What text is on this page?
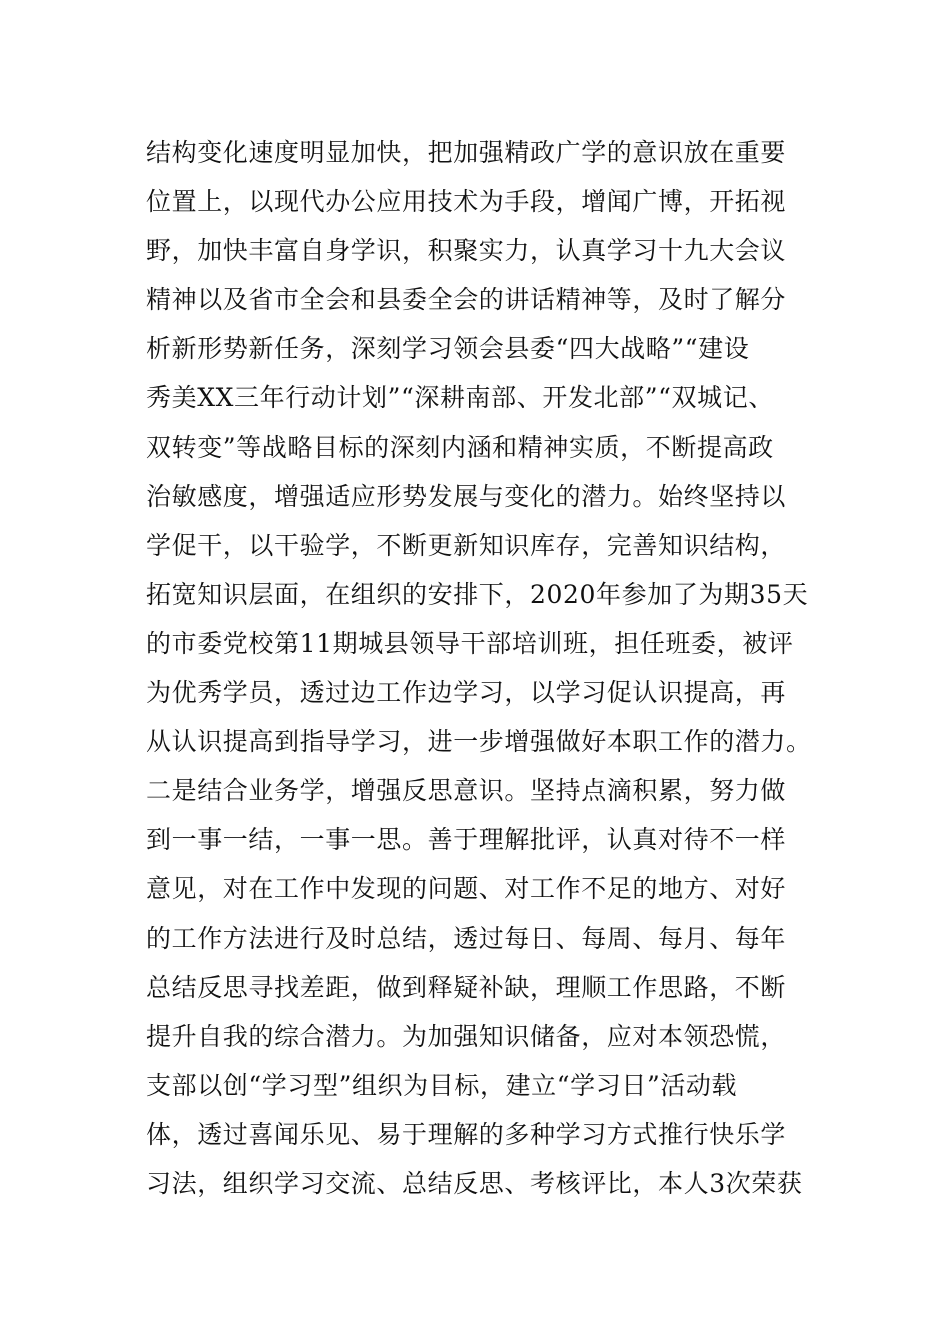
结构变化速度明显加快，把加强精政广学的意识放在重要
位置上，以现代办公应用技术为手段，增闻广博，开拓视
野，加快丰富自身学识，积聚实力，认真学习十九大会议
精神以及省市全会和县委全会的讲话精神等，及时了解分
析新形势新任务，深刻学习领会县委“四大战略”“建设
秀美XX三年行动计划”“深耕南部、开发北部”“双城记、
双转变”等战略目标的深刻内涵和精神实质，不断提高政
治敏感度，增强适应形势发展与变化的潜力。始终坚持以
学促干，以干验学，不断更新知识库存，完善知识结构，
拓宽知识层面，在组织的安排下，2020年参加了为期35天
的市委党校第11期城县领导干部培训班，担任班委，被评
为优秀学员，透过边工作边学习，以学习促认识提高，再
从认识提高到指导学习，进一步增强做好本职工作的潜力。
二是结合业务学，增强反思意识。坚持点滴积累，努力做
到一事一结，一事一思。善于理解批评，认真对待不一样
意见，对在工作中发现的问题、对工作不足的地方、对好
的工作方法进行及时总结，透过每日、每周、每月、每年
总结反思寻找差距，做到释疑补缺，理顺工作思路，不断
提升自我的综合潜力。为加强知识储备，应对本领恐慌，
支部以创“学习型”组织为目标，建立“学习日”活动载
体，透过喜闻乐见、易于理解的多种学习方式推行快乐学
习法，组织学习交流、总结反思、考核评比，本人3次荣获
